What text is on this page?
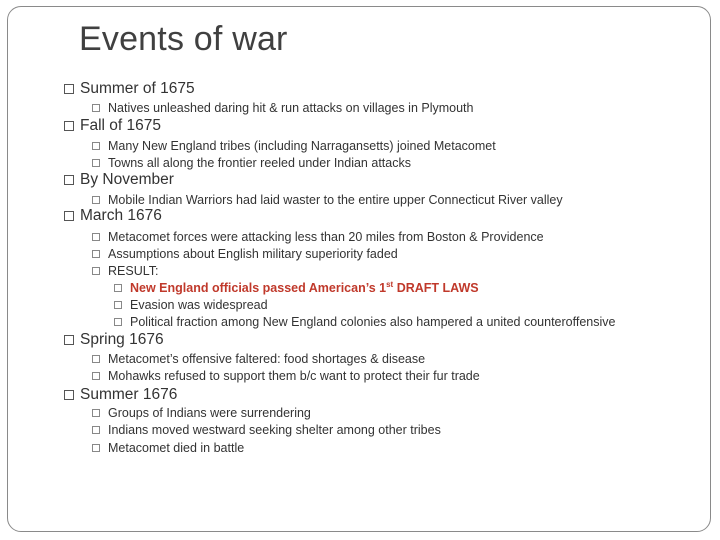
Events of war
Summer of 1675
Natives unleashed daring hit & run attacks on villages in Plymouth
Fall of 1675
Many New England tribes (including Narragansetts) joined Metacomet
Towns all along the frontier reeled under Indian attacks
By November
Mobile Indian Warriors had laid waster to the entire upper Connecticut River valley
March 1676
Metacomet forces were attacking less than 20 miles from Boston & Providence
Assumptions about English military superiority faded
RESULT:
New England officials passed American’s 1st DRAFT LAWS
Evasion was widespread
Political fraction among New England colonies also hampered a united counteroffensive
Spring 1676
Metacomet’s offensive faltered: food shortages & disease
Mohawks refused to support them b/c want to protect their fur trade
Summer 1676
Groups of Indians were surrendering
Indians moved westward seeking shelter among other tribes
Metacomet died in battle
